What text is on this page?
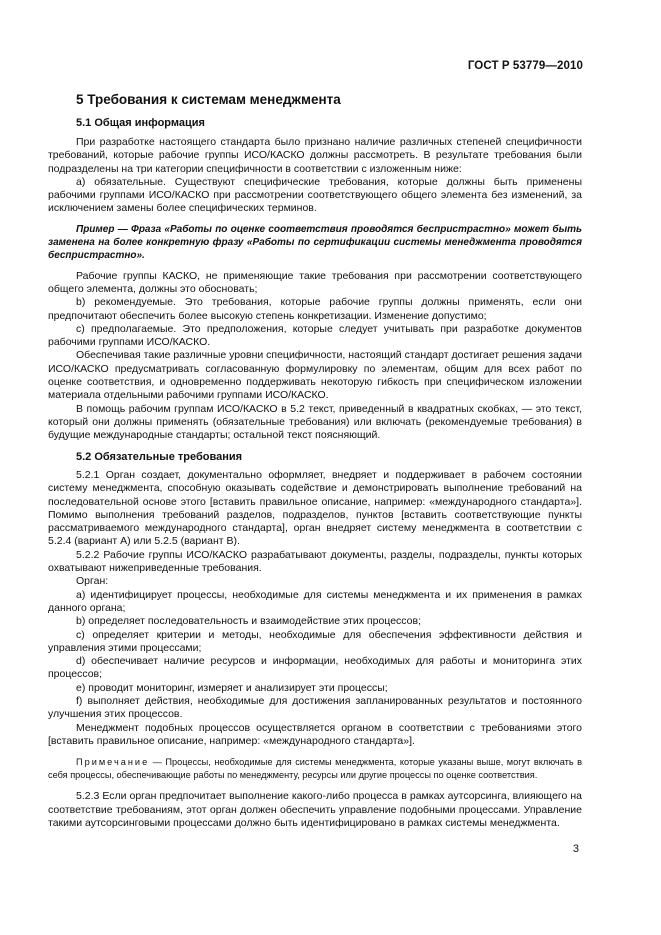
ГОСТ Р 53779—2010
5 Требования к системам менеджмента
5.1 Общая информация

При разработке настоящего стандарта было признано наличие различных степеней специфичности требований, которые рабочие группы ИСО/КАСКО должны рассмотреть. В результате требования были подразделены на три категории специфичности в соответствии с изложенным ниже:

a) обязательные. Существуют специфические требования, которые должны быть применены рабочими группами ИСО/КАСКО при рассмотрении соответствующего общего элемента без изменений, за исключением замены более специфических терминов.

Пример — Фраза «Работы по оценке соответствия проводятся беспристрастно» может быть заменена на более конкретную фразу «Работы по сертификации системы менеджмента проводятся беспристрастно».

Рабочие группы КАСКО, не применяющие такие требования при рассмотрении соответствующего общего элемента, должны это обосновать;

b) рекомендуемые. Это требования, которые рабочие группы должны применять, если они предпочитают обеспечить более высокую степень конкретизации. Изменение допустимо;

c) предполагаемые. Это предположения, которые следует учитывать при разработке документов рабочими группами ИСО/КАСКО.

Обеспечивая такие различные уровни специфичности, настоящий стандарт достигает решения задачи ИСО/КАСКО предусматривать согласованную формулировку по элементам, общим для всех работ по оценке соответствия, и одновременно поддерживать некоторую гибкость при специфическом изложении материала отдельными рабочими группами ИСО/КАСКО.

В помощь рабочим группам ИСО/КАСКО в 5.2 текст, приведенный в квадратных скобках, — это текст, который они должны применять (обязательные требования) или включать (рекомендуемые требования) в будущие международные стандарты; остальной текст поясняющий.

5.2 Обязательные требования

5.2.1 Орган создает, документально оформляет, внедряет и поддерживает в рабочем состоянии систему менеджмента, способную оказывать содействие и демонстрировать выполнение требований на последовательной основе этого [вставить правильное описание, например: «международного стандарта»]. Помимо выполнения требований разделов, подразделов, пунктов [вставить соответствующие пункты рассматриваемого международного стандарта], орган внедряет систему менеджмента в соответствии с 5.2.4 (вариант А) или 5.2.5 (вариант В).

5.2.2 Рабочие группы ИСО/КАСКО разрабатывают документы, разделы, подразделы, пункты которых охватывают нижеприведенные требования.

Орган:

a) идентифицирует процессы, необходимые для системы менеджмента и их применения в рамках данного органа;

b) определяет последовательность и взаимодействие этих процессов;

c) определяет критерии и методы, необходимые для обеспечения эффективности действия и управления этими процессами;

d) обеспечивает наличие ресурсов и информации, необходимых для работы и мониторинга этих процессов;

e) проводит мониторинг, измеряет и анализирует эти процессы;

f) выполняет действия, необходимые для достижения запланированных результатов и постоянного улучшения этих процессов.

Менеджмент подобных процессов осуществляется органом в соответствии с требованиями этого [вставить правильное описание, например: «международного стандарта»].

Примечание — Процессы, необходимые для системы менеджмента, которые указаны выше, могут включать в себя процессы, обеспечивающие работы по менеджменту, ресурсы или другие процессы по оценке соответствия.

5.2.3 Если орган предпочитает выполнение какого-либо процесса в рамках аутсорсинга, влияющего на соответствие требованиям, этот орган должен обеспечить управление подобными процессами. Управление такими аутсорсинговыми процессами должно быть идентифицировано в рамках системы менеджмента.

3
